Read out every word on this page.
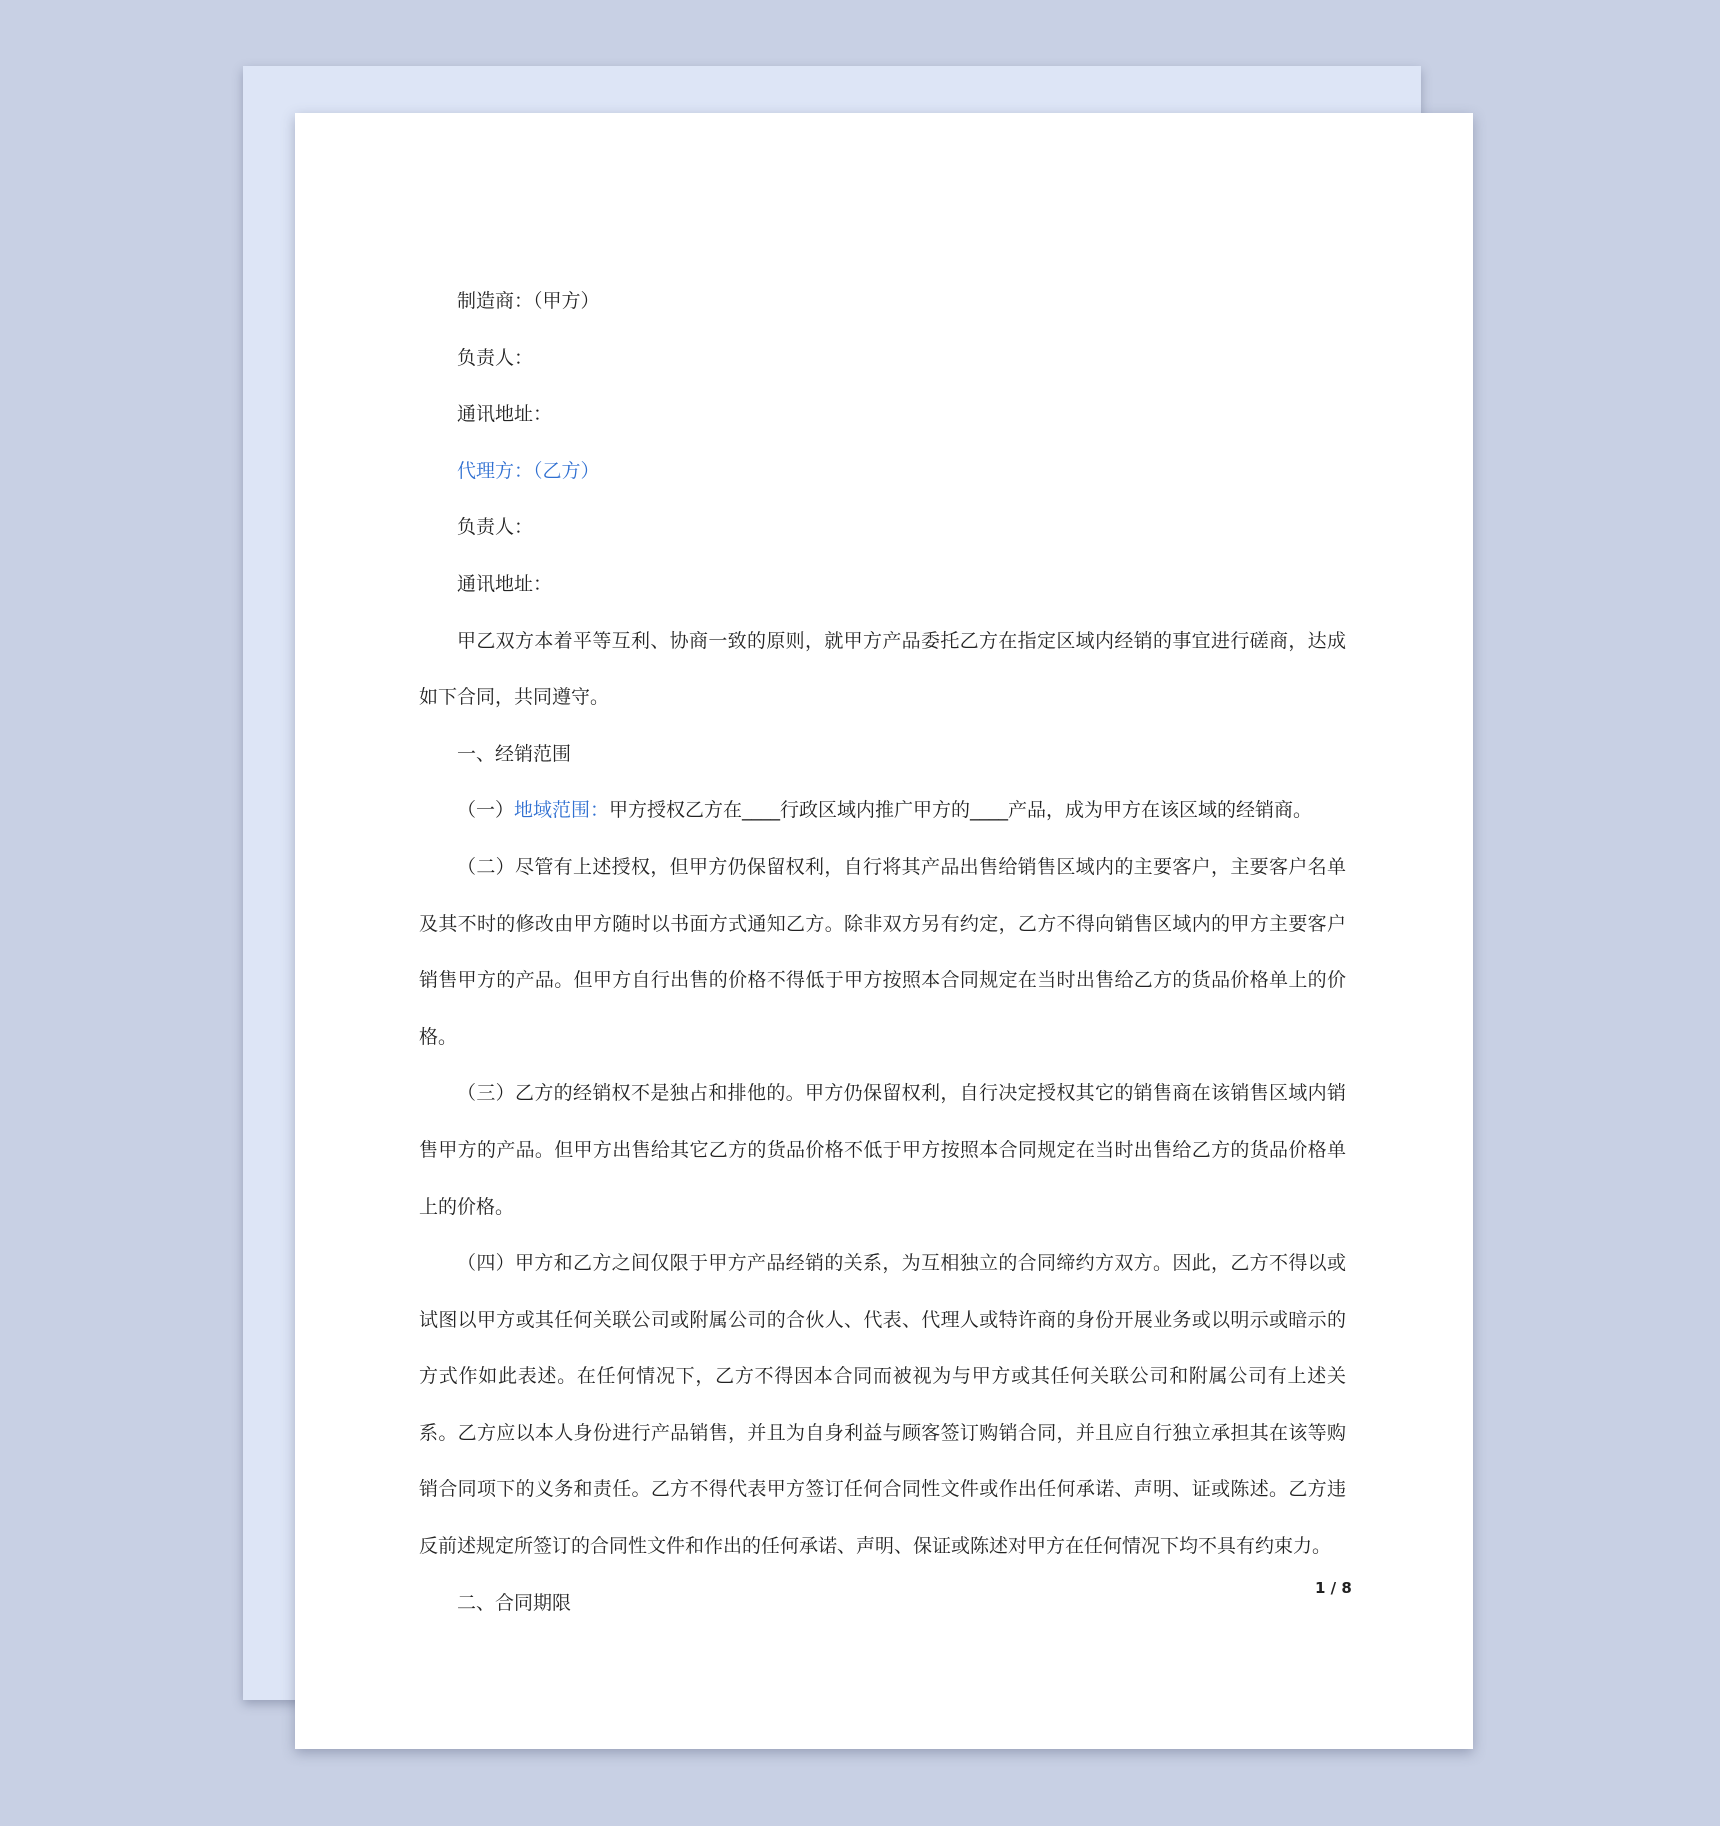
制造商：（甲方）

负责人：

通讯地址：

代理方：（乙方）

负责人：

通讯地址：

甲乙双方本着平等互利、协商一致的原则，就甲方产品委托乙方在指定区域内经销的事宜进行磋商，达成如下合同，共同遵守。

一、经销范围

（一）地域范围：甲方授权乙方在____行政区域内推广甲方的____产品，成为甲方在该区域的经销商。

（二）尽管有上述授权，但甲方仍保留权利，自行将其产品出售给销售区域内的主要客户，主要客户名单及其不时的修改由甲方随时以书面方式通知乙方。除非双方另有约定，乙方不得向销售区域内的甲方主要客户销售甲方的产品。但甲方自行出售的价格不得低于甲方按照本合同规定在当时出售给乙方的货品价格单上的价格。

（三）乙方的经销权不是独占和排他的。甲方仍保留权利，自行决定授权其它的销售商在该销售区域内销售甲方的产品。但甲方出售给其它乙方的货品价格不低于甲方按照本合同规定在当时出售给乙方的货品价格单上的价格。

（四）甲方和乙方之间仅限于甲方产品经销的关系，为互相独立的合同缔约方双方。因此，乙方不得以或试图以甲方或其任何关联公司或附属公司的合伙人、代表、代理人或特许商的身份开展业务或以明示或暗示的方式作如此表述。在任何情况下，乙方不得因本合同而被视为与甲方或其任何关联公司和附属公司有上述关系。乙方应以本人身份进行产品销售，并且为自身利益与顾客签订购销合同，并且应自行独立承担其在该等购销合同项下的义务和责任。乙方不得代表甲方签订任何合同性文件或作出任何承诺、声明、证或陈述。乙方违反前述规定所签订的合同性文件和作出的任何承诺、声明、保证或陈述对甲方在任何情况下均不具有约束力。

二、合同期限

1 / 8
